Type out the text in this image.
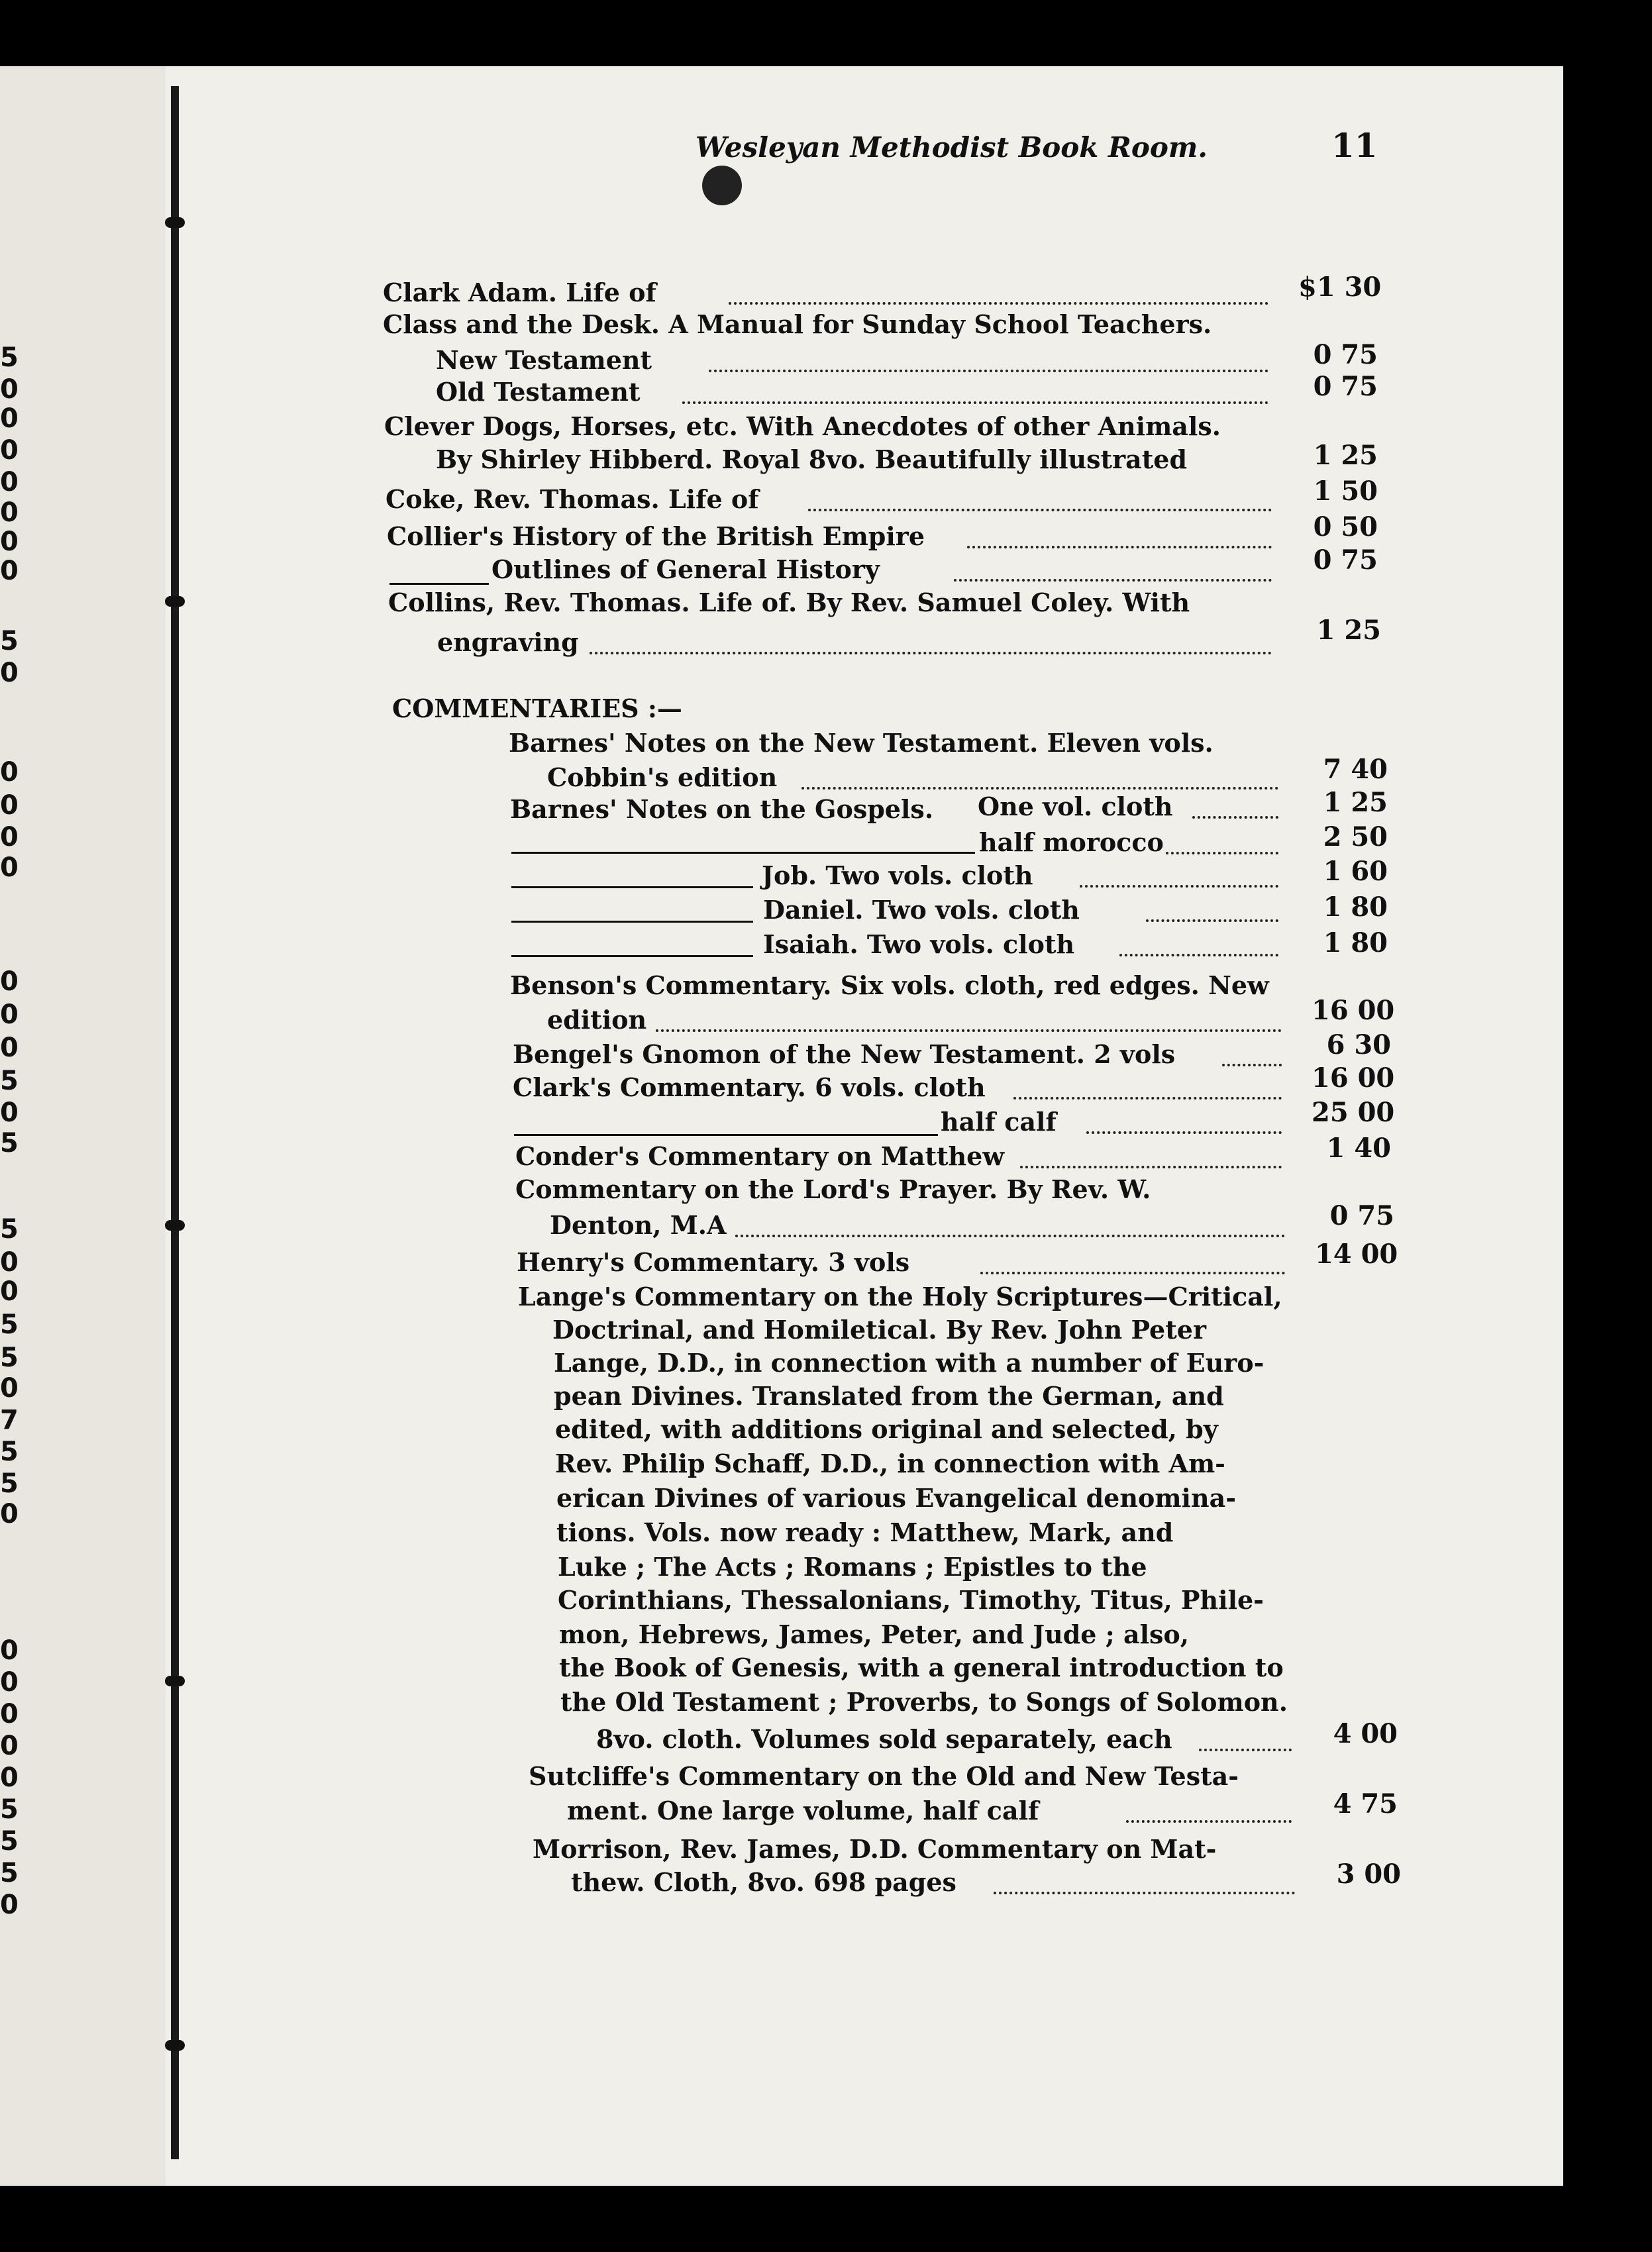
5
0
0
0
0
0
0
0
5
0
0
0
0
0
0
0
0
5
0
5
5
0
0
5
5
0
7
5
5
0
0
0
0
0
0
5
5
5
0
Wesleyan Methodist Book Room.	11
Clark Adam. Life of	$1 30
Class and the Desk. A Manual for Sunday School Teachers.
New Testament	0 75
Old Testament	0 75
Clever Dogs, Horses, etc. With Anecdotes of other Animals.
By Shirley Hibberd. Royal 8vo. Beautifully illustrated	1 25
Coke, Rev. Thomas. Life of	1 50
Collier's History of the British Empire	0 50
Outlines of General History	0 75
Collins, Rev. Thomas. Life of. By Rev. Samuel Coley. With
engraving	1 25
COMMENTARIES :—
Barnes' Notes on the New Testament. Eleven vols.
Cobbin's edition	7 40
Barnes' Notes on the Gospels. One vol. cloth	1 25
half morocco	2 50
Job. Two vols. cloth	1 60
Daniel. Two vols. cloth	1 80
Isaiah. Two vols. cloth	1 80
Benson's Commentary. Six vols. cloth, red edges. New
edition	16 00
Bengel's Gnomon of the New Testament. 2 vols	6 30
Clark's Commentary. 6 vols. cloth	16 00
half calf	25 00
Conder's Commentary on Matthew	1 40
Commentary on the Lord's Prayer. By Rev. W.
Denton, M.A	0 75
Henry's Commentary. 3 vols	14 00
Lange's Commentary on the Holy Scriptures—Critical,
Doctrinal, and Homiletical. By Rev. John Peter
Lange, D.D., in connection with a number of Euro-
pean Divines. Translated from the German, and
edited, with additions original and selected, by
Rev. Philip Schaff, D.D., in connection with Am-
erican Divines of various Evangelical denomina-
tions. Vols. now ready : Matthew, Mark, and
Luke ; The Acts ; Romans ; Epistles to the
Corinthians, Thessalonians, Timothy, Titus, Phile-
mon, Hebrews, James, Peter, and Jude ; also,
the Book of Genesis, with a general introduction to
the Old Testament ; Proverbs, to Songs of Solomon.
8vo. cloth. Volumes sold separately, each	4 00
Sutcliffe's Commentary on the Old and New Testa-
ment. One large volume, half calf	4 75
Morrison, Rev. James, D.D. Commentary on Mat-
thew. Cloth, 8vo. 698 pages	3 00
